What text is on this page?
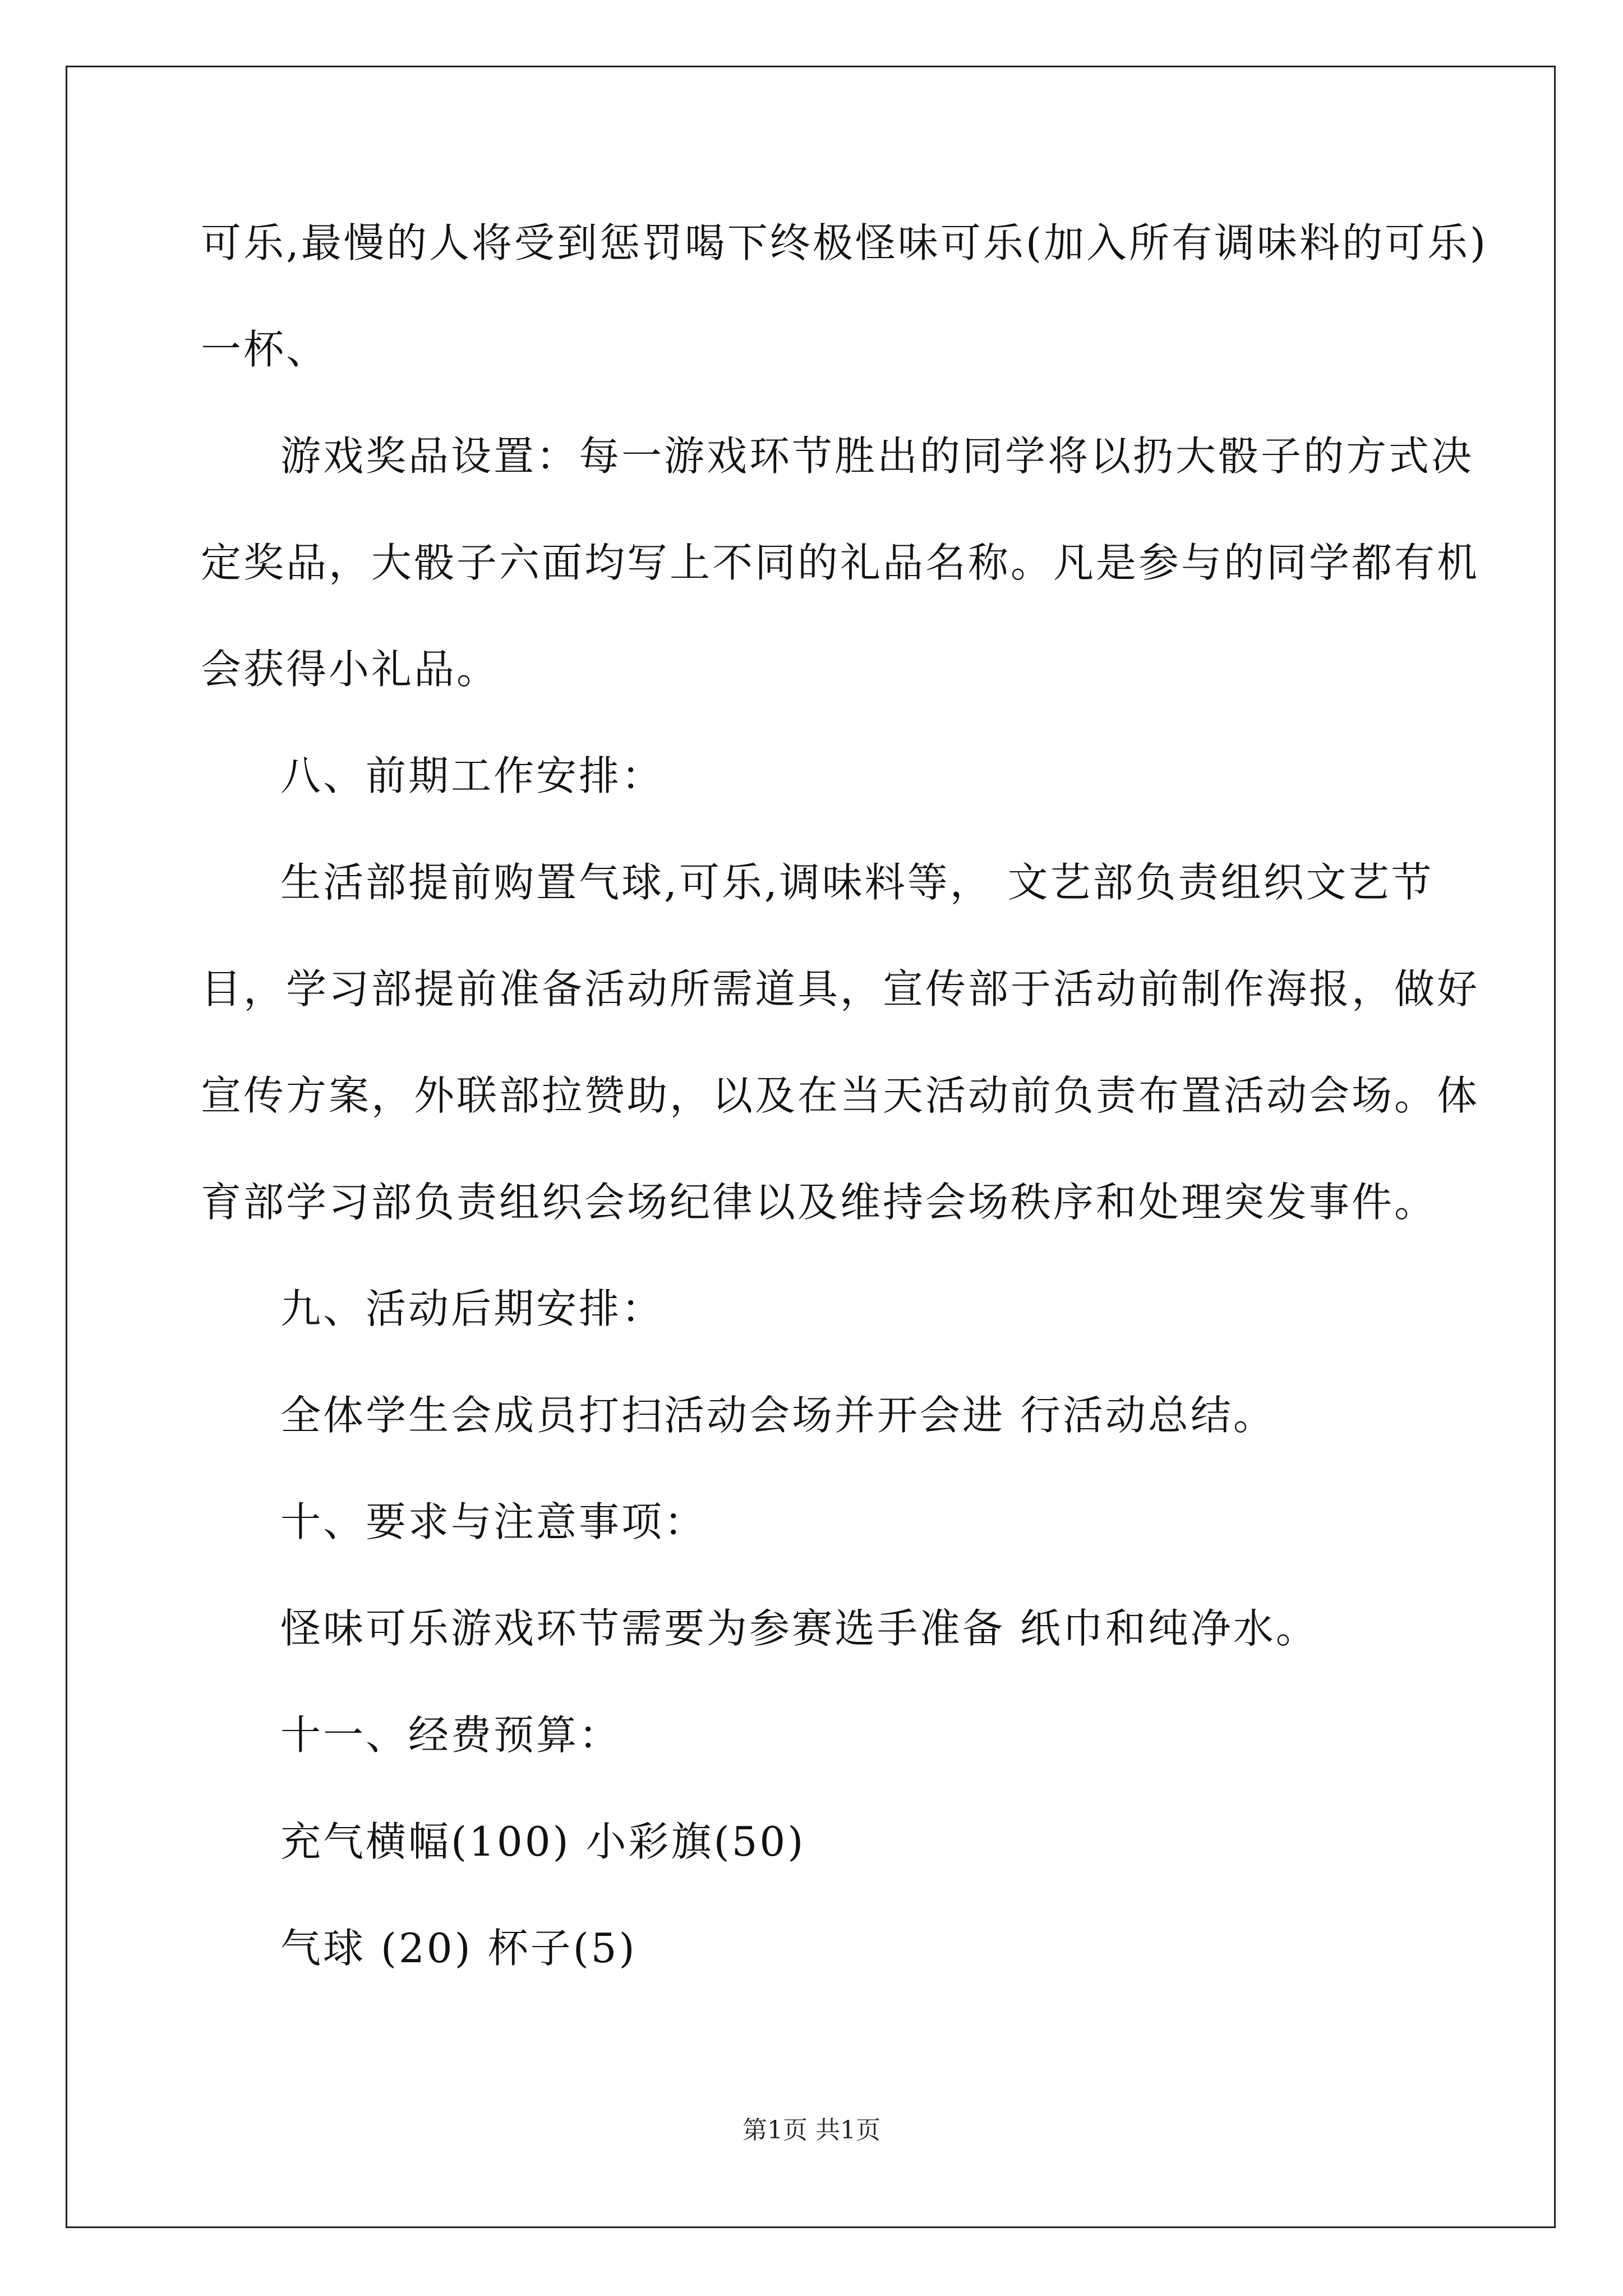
可乐,最慢的人将受到惩罚喝下终极怪味可乐(加入所有调味料的可乐)
一杯、
游戏奖品设置：每一游戏环节胜出的同学将以扔大骰子的方式决
定奖品，大骰子六面均写上不同的礼品名称。凡是参与的同学都有机
会获得小礼品。
八、前期工作安排：
生活部提前购置气球,可乐,调味料等， 文艺部负责组织文艺节
目，学习部提前准备活动所需道具，宣传部于活动前制作海报，做好
宣传方案，外联部拉赞助，以及在当天活动前负责布置活动会场。体
育部学习部负责组织会场纪律以及维持会场秩序和处理突发事件。
九、活动后期安排：
全体学生会成员打扫活动会场并开会进 行活动总结。
十、要求与注意事项：
怪味可乐游戏环节需要为参赛选手准备 纸巾和纯净水。
十一、经费预算：
充气横幅(100) 小彩旗(50)
气球 (20) 杯子(5)
第1页 共1页
